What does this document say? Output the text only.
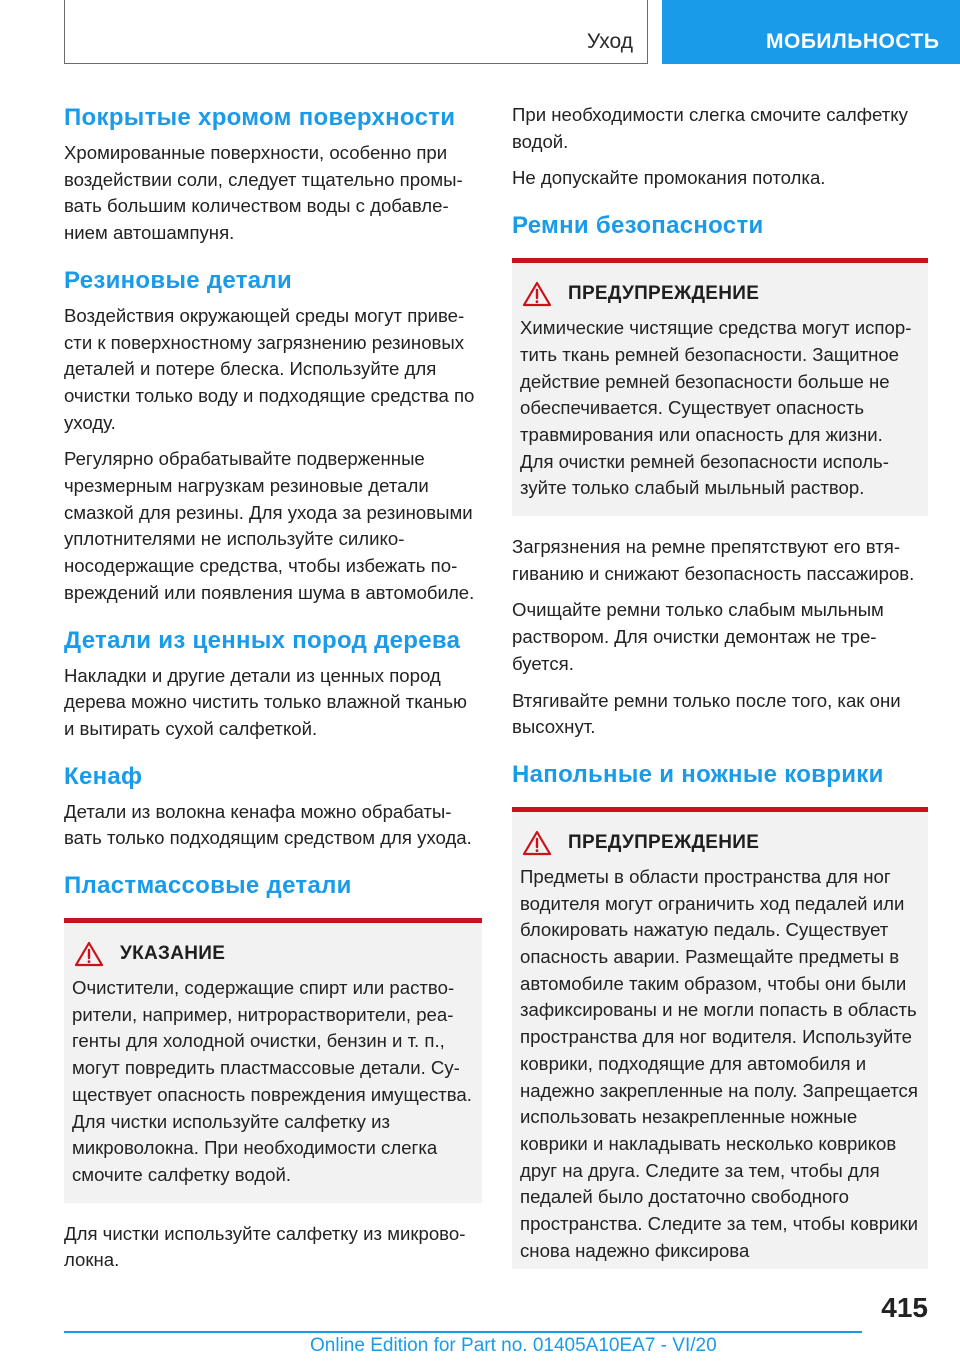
Уход	МОБИЛЬНОСТЬ
Покрытые хромом поверхности

Хромированные поверхности, особенно при воздействии соли, следует тщательно промывать большим количеством воды с добавлением автошампуня.

Резиновые детали

Воздействия окружающей среды могут привести к поверхностному загрязнению резиновых деталей и потере блеска. Используйте для очистки только воду и подходящие средства по уходу.

Регулярно обрабатывайте подверженные чрезмерным нагрузкам резиновые детали смазкой для резины. Для ухода за резиновыми уплотнителями не используйте силиконосодержащие средства, чтобы избежать повреждений или появления шума в автомобиле.

Детали из ценных пород дерева

Накладки и другие детали из ценных пород дерева можно чистить только влажной тканью и вытирать сухой салфеткой.

Кенаф

Детали из волокна кенафа можно обрабатывать только подходящим средством для ухода.

Пластмассовые детали
УКАЗАНИЕ

Очистители, содержащие спирт или растворители, например, нитрорастворители, реагенты для холодной очистки, бензин и т. п., могут повредить пластмассовые детали. Существует опасность повреждения имущества. Для чистки используйте салфетку из микроволокна. При необходимости слегка смочите салфетку водой.

Для чистки используйте салфетку из микроволокна.

При необходимости слегка смочите салфетку водой.

Не допускайте промокания потолка.

Ремни безопасности
ПРЕДУПРЕЖДЕНИЕ

Химические чистящие средства могут испортить ткань ремней безопасности. Защитное действие ремней безопасности больше не обеспечивается. Существует опасность травмирования или опасность для жизни. Для очистки ремней безопасности используйте только слабый мыльный раствор.

Загрязнения на ремне препятствуют его втягиванию и снижают безопасность пассажиров.

Очищайте ремни только слабым мыльным раствором. Для очистки демонтаж не требуется.

Втягивайте ремни только после того, как они высохнут.

Напольные и ножные коврики
ПРЕДУПРЕЖДЕНИЕ

Предметы в области пространства для ног водителя могут ограничить ход педалей или блокировать нажатую педаль. Существует опасность аварии. Размещайте предметы в автомобиле таким образом, чтобы они были зафиксированы и не могли попасть в область пространства для ног водителя. Используйте коврики, подходящие для автомобиля и надежно закрепленные на полу. Запрещается использовать незакрепленные ножные коврики и накладывать несколько ковриков друг на друга. Следите за тем, чтобы для педалей было достаточно свободного пространства. Следите за тем, чтобы коврики снова надежно фиксирова

415
Online Edition for Part no. 01405A10EA7 - VI/20
